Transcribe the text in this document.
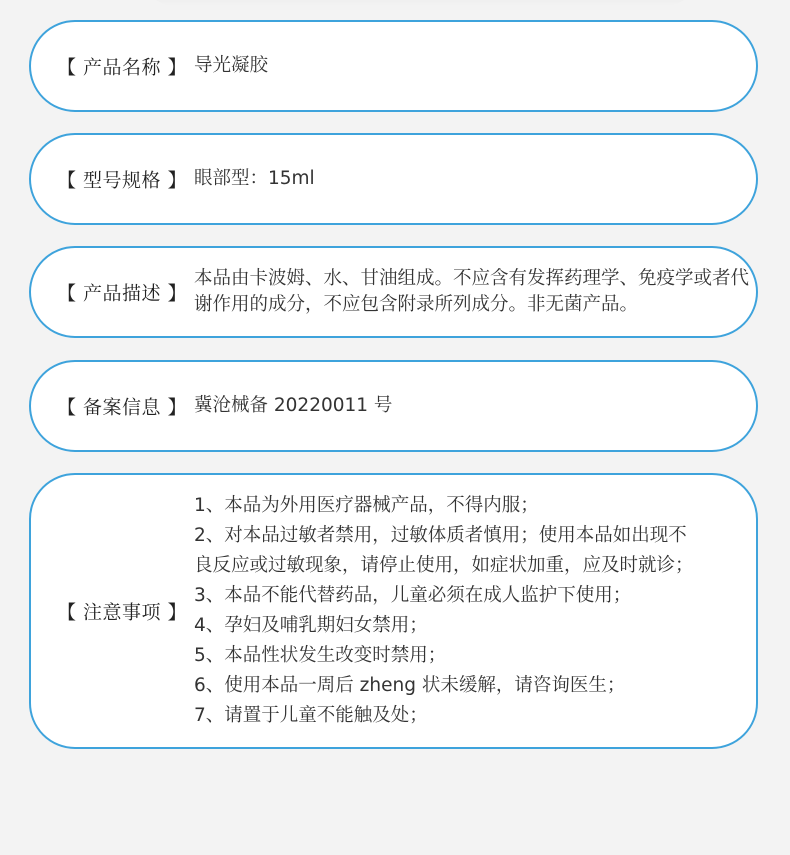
【 产品名称 】 导光凝胶
【 型号规格 】 眼部型：15ml
【 产品描述 】
本品由卡波姆、水、甘油组成。不应含有发挥药理学、免疫学或者代谢作用的成分，不应包含附录所列成分。非无菌产品。
【 备案信息 】 冀沧械备 20220011 号
【 注意事项 】
1、本品为外用医疗器械产品，不得内服；
2、对本品过敏者禁用，过敏体质者慎用；使用本品如出现不
良反应或过敏现象，请停止使用，如症状加重，应及时就诊；
3、本品不能代替药品，儿童必须在成人监护下使用；
4、孕妇及哺乳期妇女禁用；
5、本品性状发生改变时禁用；
6、使用本品一周后 zheng 状未缓解，请咨询医生；
7、请置于儿童不能触及处；
